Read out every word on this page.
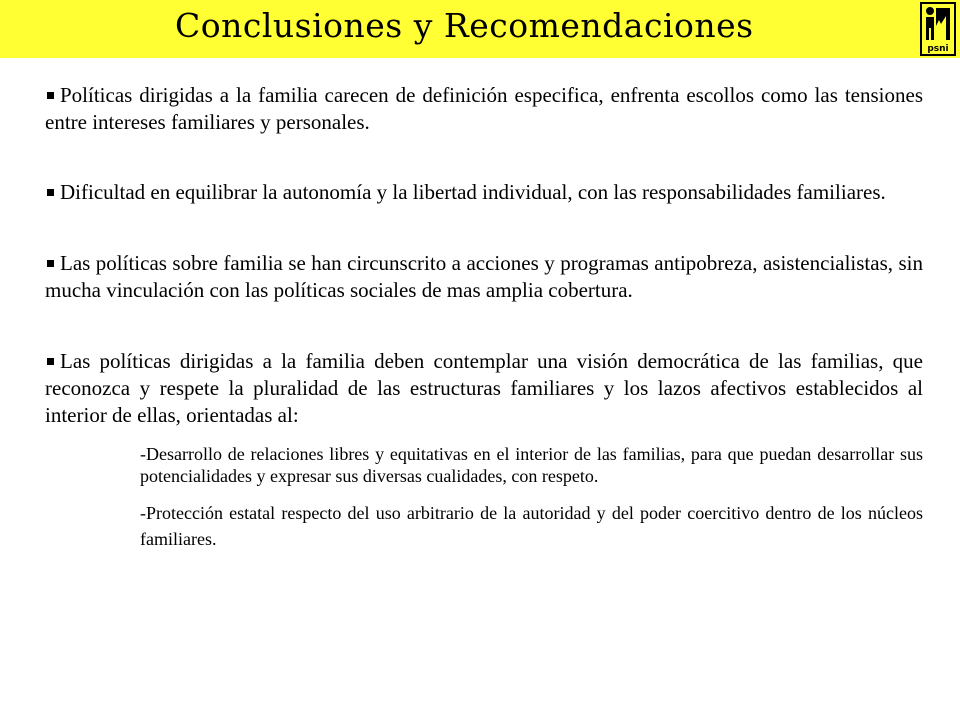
Conclusiones y Recomendaciones
psni

Políticas dirigidas a la familia carecen de definición especifica, enfrenta escollos como las tensiones entre intereses familiares y personales.

Dificultad en equilibrar la autonomía y la libertad individual, con las responsabilidades familiares.

Las políticas sobre familia se han circunscrito a acciones y programas antipobreza, asistencialistas, sin mucha vinculación con las políticas sociales de mas amplia cobertura.

Las políticas dirigidas a la familia deben contemplar una visión democrática de las familias, que reconozca y respete la pluralidad de las estructuras familiares y los lazos afectivos establecidos al interior de ellas, orientadas al:

-Desarrollo de relaciones libres y equitativas en el interior de las familias, para que puedan desarrollar sus potencialidades y expresar sus diversas cualidades, con respeto.

-Protección estatal respecto del uso arbitrario de la autoridad y del poder coercitivo dentro de los núcleos familiares.
